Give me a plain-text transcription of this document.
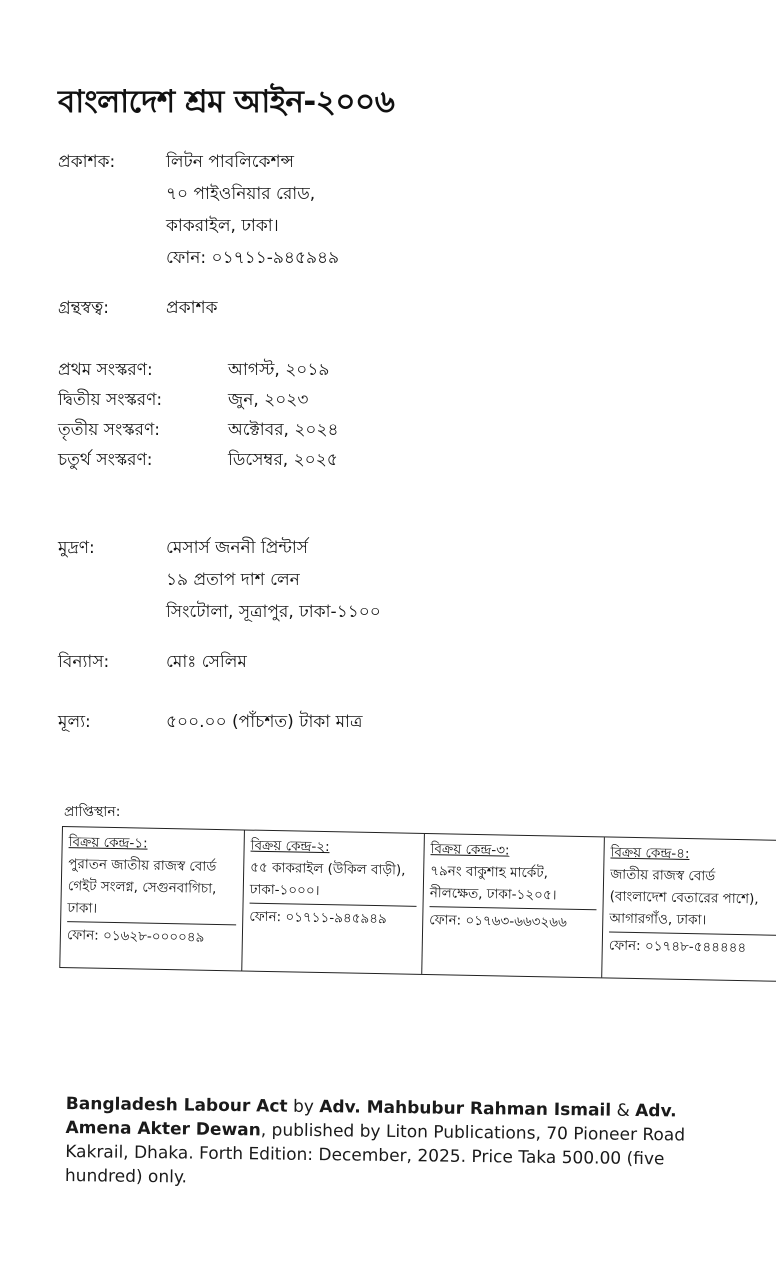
বাংলাদেশ শ্রম আইন-২০০৬
প্রকাশক:	লিটন পাবলিকেশন্স
৭০ পাইওনিয়ার রোড,
কাকরাইল, ঢাকা।
ফোন: ০১৭১১-৯৪৫৯৪৯
গ্রন্থস্বত্ব:	প্রকাশক
প্রথম সংস্করণ:	আগস্ট, ২০১৯
দ্বিতীয় সংস্করণ:	জুন, ২০২৩
তৃতীয় সংস্করণ:	অক্টোবর, ২০২৪
চতুর্থ সংস্করণ:	ডিসেম্বর, ২০২৫
মুদ্রণ:	মেসার্স জননী প্রিন্টার্স
১৯ প্রতাপ দাশ লেন
সিংটোলা, সূত্রাপুর, ঢাকা-১১০০
বিন্যাস:	মোঃ সেলিম
মূল্য:	৫০০.০০ (পাঁচশত) টাকা মাত্র
প্রাপ্তিস্থান:
বিক্রয় কেন্দ্র-১:
পুরাতন জাতীয় রাজস্ব বোর্ড
গেইট সংলগ্ন, সেগুনবাগিচা,
ঢাকা।
ফোন: ০১৬২৮-০০০০৪৯
বিক্রয় কেন্দ্র-২:
৫৫ কাকরাইল (উকিল বাড়ী),
ঢাকা-১০০০।
ফোন: ০১৭১১-৯৪৫৯৪৯
বিক্রয় কেন্দ্র-৩:
৭৯নং বাকুশাহ মার্কেট,
নীলক্ষেত, ঢাকা-১২০৫।
ফোন: ০১৭৬৩-৬৬৩২৬৬
বিক্রয় কেন্দ্র-৪:
জাতীয় রাজস্ব বোর্ড
(বাংলাদেশ বেতারের পাশে),
আগারগাঁও, ঢাকা।
ফোন: ০১৭৪৮-৫৪৪৪৪৪
Bangladesh Labour Act by Adv. Mahbubur Rahman Ismail & Adv.
Amena Akter Dewan, published by Liton Publications, 70 Pioneer Road
Kakrail, Dhaka. Forth Edition: December, 2025. Price Taka 500.00 (five
hundred) only.
